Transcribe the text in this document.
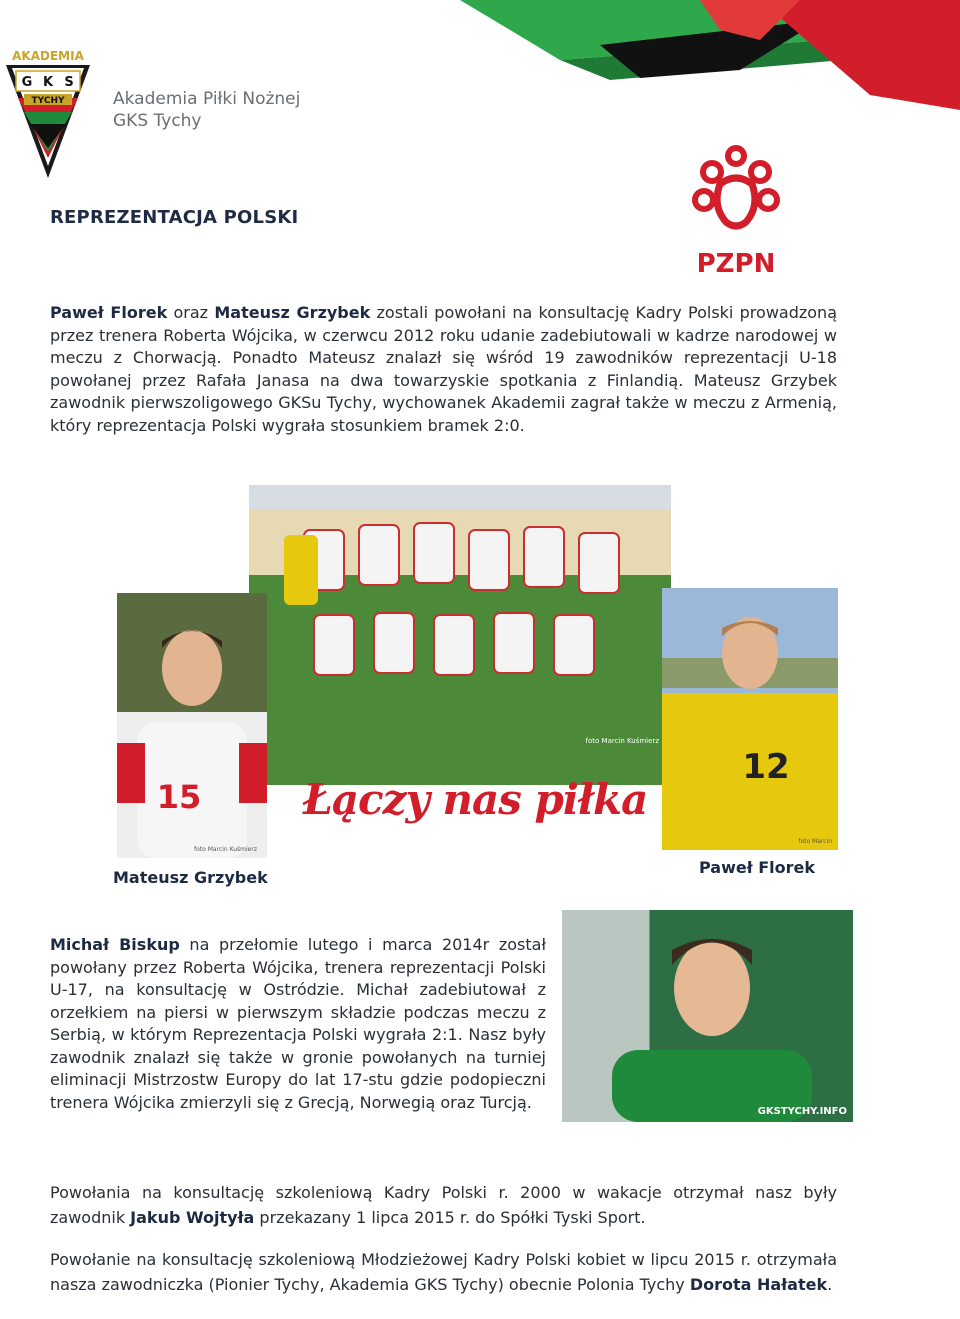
AKADEMIA
G K S
TYCHY	Akademia Piłki Nożnej
GKS Tychy
PZPN
REPREZENTACJA POLSKI

Paweł Florek oraz Mateusz Grzybek zostali powołani na konsultację Kadry Polski prowadzoną przez trenera Roberta Wójcika, w czerwcu 2012 roku udanie zadebiutowali w kadrze narodowej w meczu z Chorwacją. Ponadto Mateusz znalazł się wśród 19 zawodników reprezentacji U-18 powołanej przez Rafała Janasa na dwa towarzyskie spotkania z Finlandią. Mateusz Grzybek zawodnik pierwszoligowego GKSu Tychy, wychowanek Akademii zagrał także w meczu z Armenią, który reprezentacja Polski wygrała stosunkiem bramek 2:0.

foto Marcin Kuśmierz
15
foto Marcin Kuśmierz
12
foto Marcin
Łączy nas piłka
Mateusz Grzybek
Paweł Florek

Michał Biskup na przełomie lutego i marca 2014r został powołany przez Roberta Wójcika, trenera reprezentacji Polski U-17, na konsultację w Ostródzie. Michał zadebiutował z orzełkiem na piersi w pierwszym składzie podczas meczu z Serbią, w którym Reprezentacja Polski wygrała 2:1. Nasz były zawodnik znalazł się także w gronie powołanych na turniej eliminacji Mistrzostw Europy do lat 17-stu gdzie podopieczni trenera Wójcika zmierzyli się z Grecją, Norwegią oraz Turcją.	GKSTYCHY.INFO

Powołania na konsultację szkoleniową Kadry Polski r. 2000 w wakacje otrzymał nasz były zawodnik Jakub Wojtyła przekazany 1 lipca 2015 r. do Spółki Tyski Sport.

Powołanie na konsultację szkoleniową Młodzieżowej Kadry Polski kobiet w lipcu 2015 r. otrzymała nasza zawodniczka (Pionier Tychy, Akademia GKS Tychy) obecnie Polonia Tychy Dorota Hałatek.
